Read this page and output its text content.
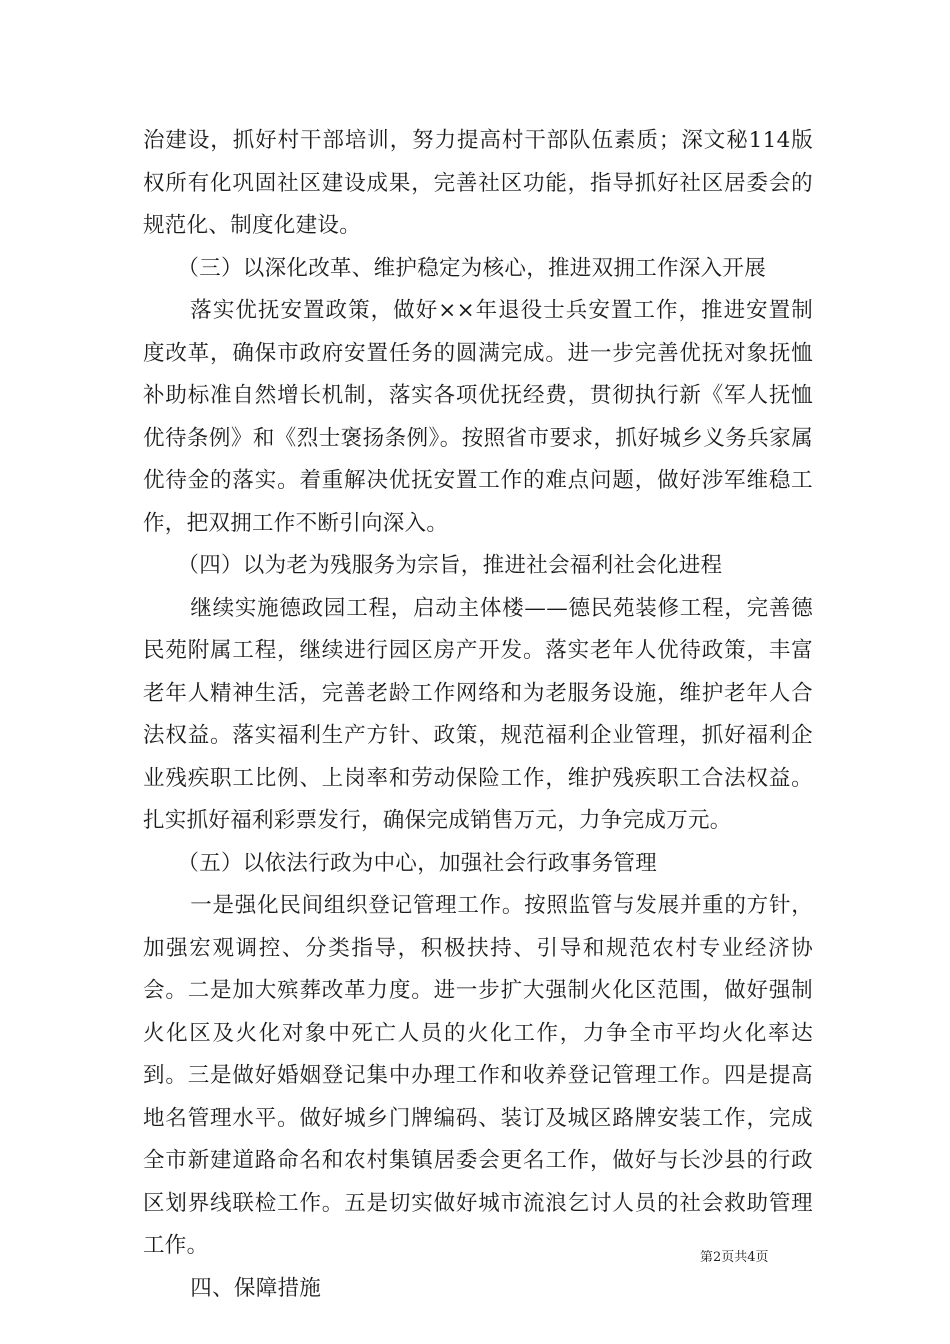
治建设，抓好村干部培训，努力提高村干部队伍素质；深文秘114版权所有化巩固社区建设成果，完善社区功能，指导抓好社区居委会的规范化、制度化建设。

（三）以深化改革、维护稳定为核心，推进双拥工作深入开展

落实优抚安置政策，做好××年退役士兵安置工作，推进安置制度改革，确保市政府安置任务的圆满完成。进一步完善优抚对象抚恤补助标准自然增长机制，落实各项优抚经费，贯彻执行新《军人抚恤优待条例》和《烈士褒扬条例》。按照省市要求，抓好城乡义务兵家属优待金的落实。着重解决优抚安置工作的难点问题，做好涉军维稳工作，把双拥工作不断引向深入。

（四）以为老为残服务为宗旨，推进社会福利社会化进程

继续实施德政园工程，启动主体楼——德民苑装修工程，完善德民苑附属工程，继续进行园区房产开发。落实老年人优待政策，丰富老年人精神生活，完善老龄工作网络和为老服务设施，维护老年人合法权益。落实福利生产方针、政策，规范福利企业管理，抓好福利企业残疾职工比例、上岗率和劳动保险工作，维护残疾职工合法权益。扎实抓好福利彩票发行，确保完成销售万元，力争完成万元。

（五）以依法行政为中心，加强社会行政事务管理

一是强化民间组织登记管理工作。按照监管与发展并重的方针，加强宏观调控、分类指导，积极扶持、引导和规范农村专业经济协会。二是加大殡葬改革力度。进一步扩大强制火化区范围，做好强制火化区及火化对象中死亡人员的火化工作，力争全市平均火化率达到。三是做好婚姻登记集中办理工作和收养登记管理工作。四是提高地名管理水平。做好城乡门牌编码、装订及城区路牌安装工作，完成全市新建道路命名和农村集镇居委会更名工作，做好与长沙县的行政区划界线联检工作。五是切实做好城市流浪乞讨人员的社会救助管理工作。

四、保障措施

第2页共4页
